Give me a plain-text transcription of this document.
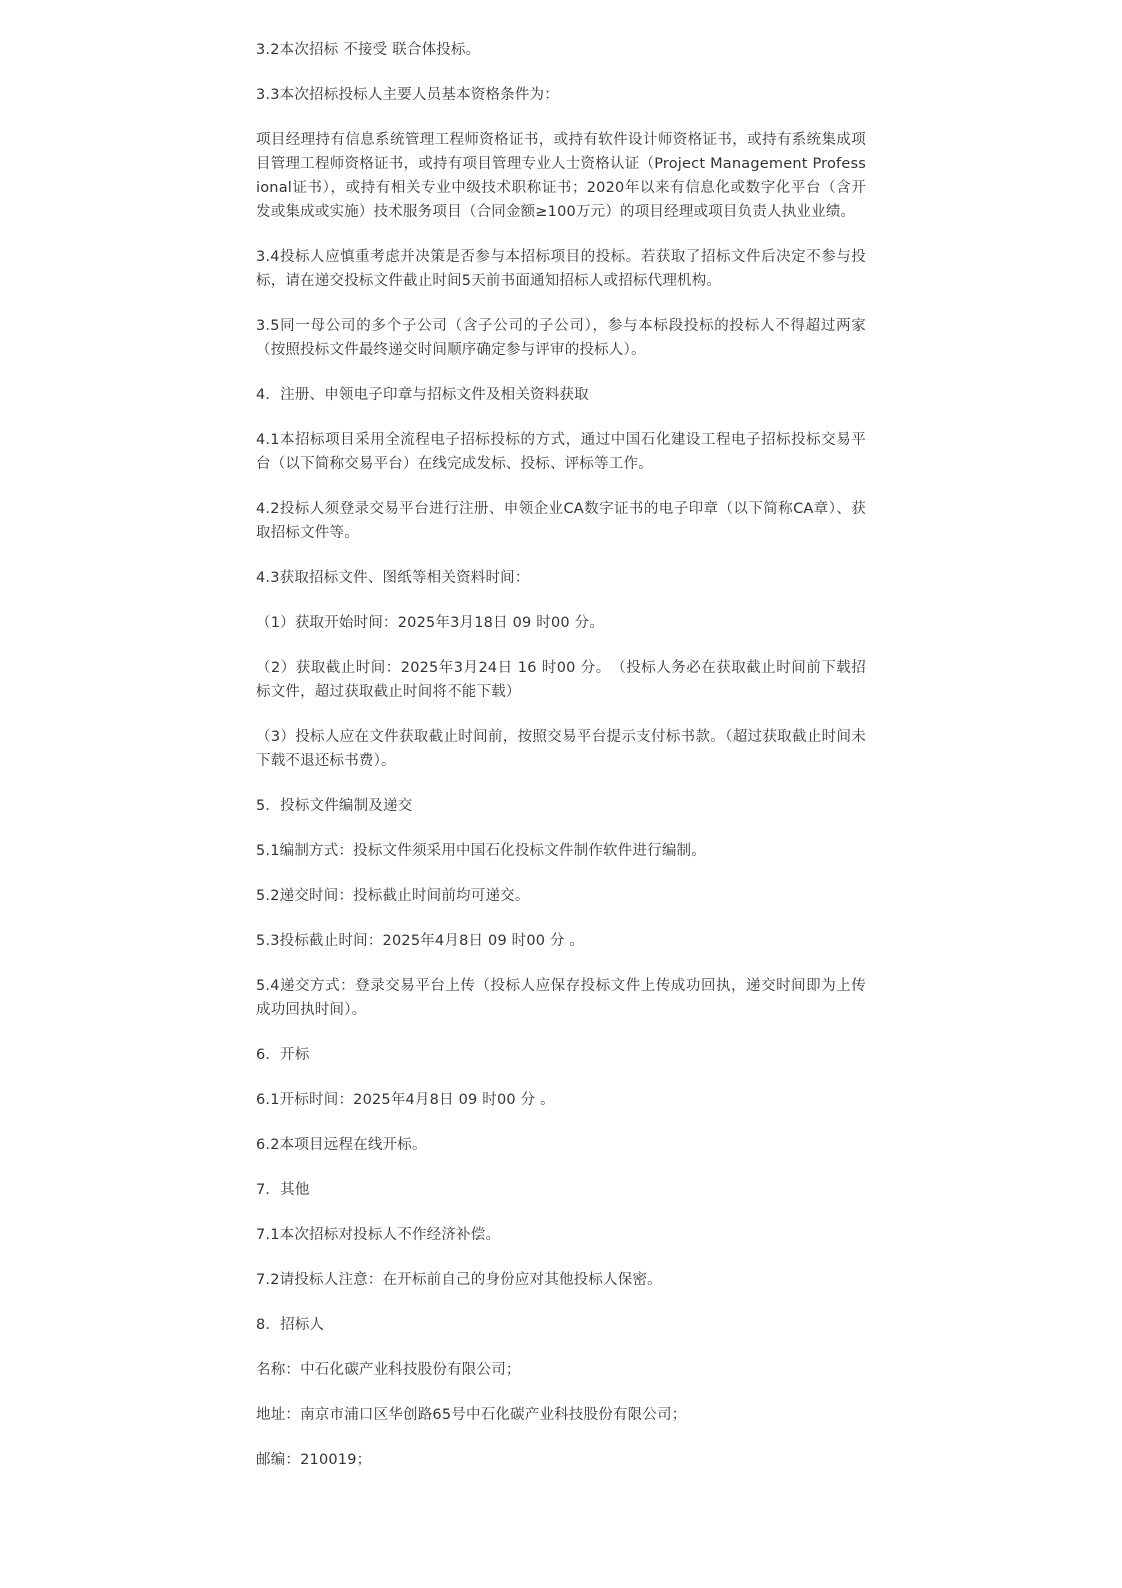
3.2本次招标 不接受 联合体投标。

3.3本次招标投标人主要人员基本资格条件为：

项目经理持有信息系统管理工程师资格证书，或持有软件设计师资格证书，或持有系统集成项目管理工程师资格证书，或持有项目管理专业人士资格认证（Project Management Professional证书），或持有相关专业中级技术职称证书；2020年以来有信息化或数字化平台（含开发或集成或实施）技术服务项目（合同金额≥100万元）的项目经理或项目负责人执业业绩。

3.4投标人应慎重考虑并决策是否参与本招标项目的投标。若获取了招标文件后决定不参与投标，请在递交投标文件截止时间5天前书面通知招标人或招标代理机构。

3.5同一母公司的多个子公司（含子公司的子公司），参与本标段投标的投标人不得超过两家（按照投标文件最终递交时间顺序确定参与评审的投标人）。

4．注册、申领电子印章与招标文件及相关资料获取

4.1本招标项目采用全流程电子招标投标的方式，通过中国石化建设工程电子招标投标交易平台（以下简称交易平台）在线完成发标、投标、评标等工作。

4.2投标人须登录交易平台进行注册、申领企业CA数字证书的电子印章（以下简称CA章）、获取招标文件等。

4.3获取招标文件、图纸等相关资料时间：

（1）获取开始时间：2025年3月18日 09 时00 分。

（2）获取截止时间：2025年3月24日 16 时00 分。　（投标人务必在获取截止时间前下载招标文件，超过获取截止时间将不能下载）

（3）投标人应在文件获取截止时间前，按照交易平台提示支付标书款。（超过获取截止时间未下载不退还标书费）。

5．投标文件编制及递交

5.1编制方式：投标文件须采用中国石化投标文件制作软件进行编制。

5.2递交时间：投标截止时间前均可递交。

5.3投标截止时间：2025年4月8日 09 时00 分 。

5.4递交方式：登录交易平台上传（投标人应保存投标文件上传成功回执，递交时间即为上传成功回执时间）。

6．开标

6.1开标时间：2025年4月8日 09 时00 分 。

6.2本项目远程在线开标。

7．其他

7.1本次招标对投标人不作经济补偿。

7.2请投标人注意：在开标前自己的身份应对其他投标人保密。

8．招标人

名称：中石化碳产业科技股份有限公司；

地址：南京市浦口区华创路65号中石化碳产业科技股份有限公司；

邮编：210019；
